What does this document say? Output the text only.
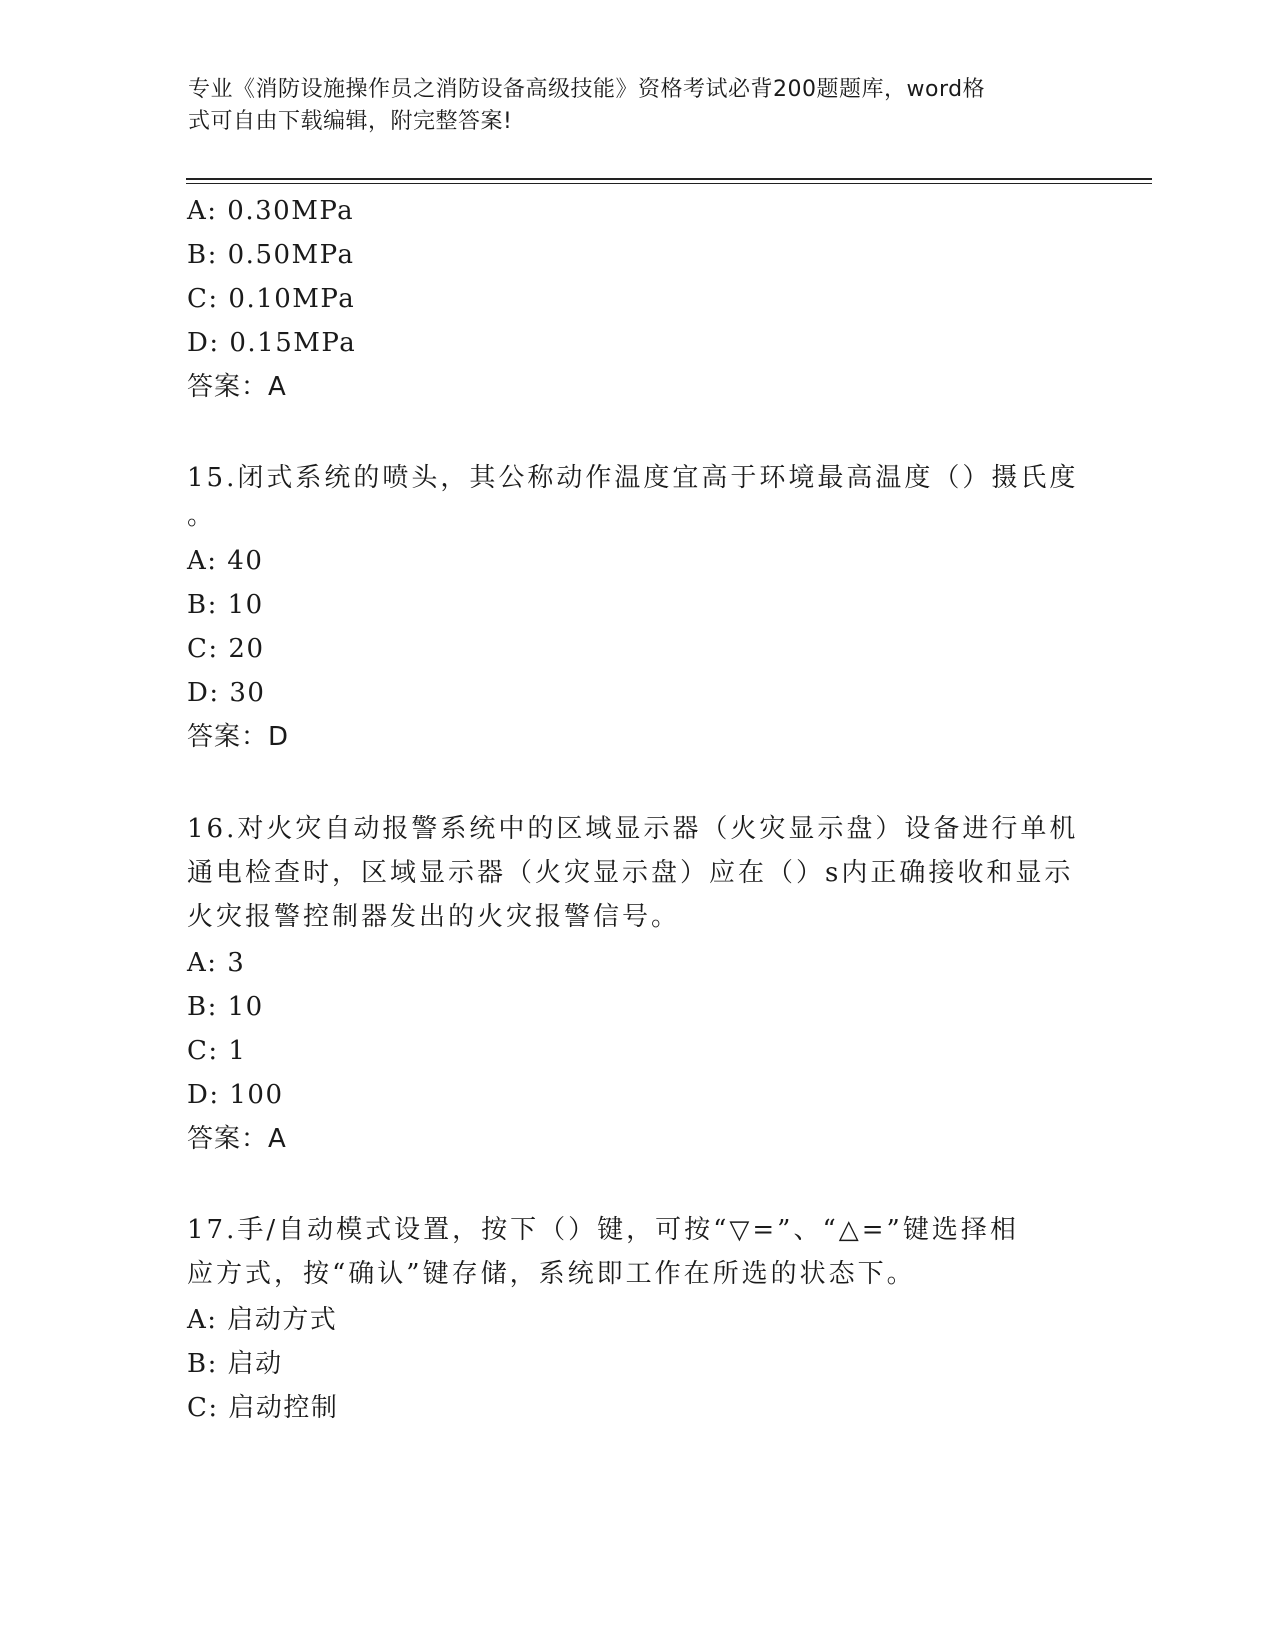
专业《消防设施操作员之消防设备高级技能》资格考试必背200题题库，word格
式可自由下载编辑，附完整答案!
A: 0.30MPa
B: 0.50MPa
C: 0.10MPa
D: 0.15MPa
答案：A
15.闭式系统的喷头，其公称动作温度宜高于环境最高温度（）摄氏度
。
A: 40
B: 10
C: 20
D: 30
答案：D
16.对火灾自动报警系统中的区域显示器（火灾显示盘）设备进行单机
通电检查时，区域显示器（火灾显示盘）应在（）s内正确接收和显示
火灾报警控制器发出的火灾报警信号。
A: 3
B: 10
C: 1
D: 100
答案：A
17.手/自动模式设置，按下（）键，可按“▽=”、“△=”键选择相
应方式，按“确认”键存储，系统即工作在所选的状态下。
A: 启动方式
B: 启动
C: 启动控制
